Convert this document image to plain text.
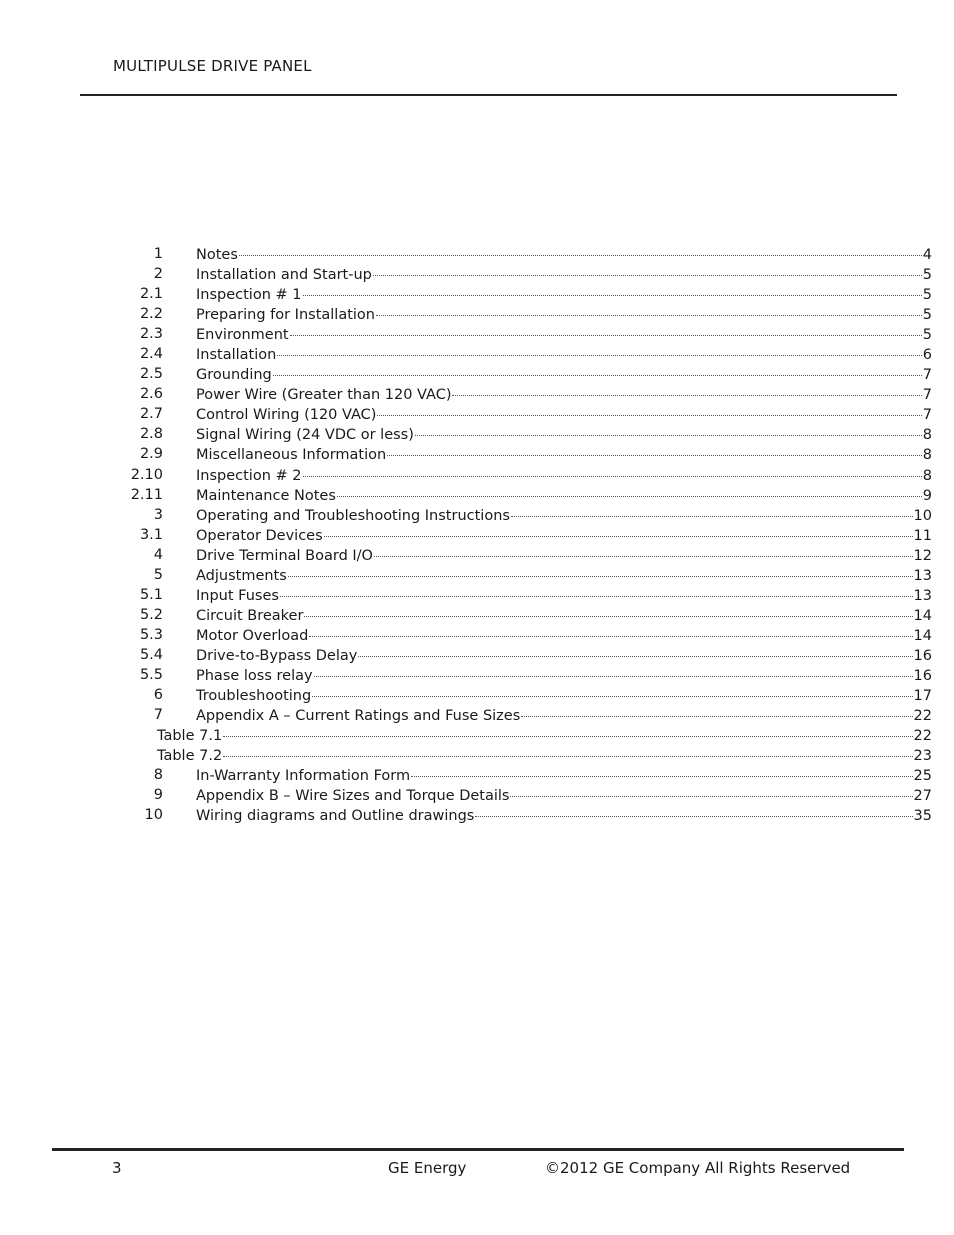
MULTIPULSE DRIVE PANEL
1 Notes	4
2 Installation and Start-up	5
2.1 Inspection # 1	5
2.2 Preparing for Installation	5
2.3 Environment	5
2.4 Installation	6
2.5 Grounding	7
2.6 Power Wire (Greater than 120 VAC)	7
2.7 Control Wiring (120 VAC)	7
2.8 Signal Wiring (24 VDC or less)	8
2.9 Miscellaneous Information	8
2.10 Inspection # 2	8
2.11 Maintenance Notes	9
3 Operating and Troubleshooting Instructions	10
3.1 Operator Devices	11
4 Drive Terminal Board I/O	12
5 Adjustments	13
5.1 Input Fuses	13
5.2 Circuit Breaker	14
5.3 Motor Overload	14
5.4 Drive-to-Bypass Delay	16
5.5 Phase loss relay	16
6 Troubleshooting	17
7 Appendix A – Current Ratings and Fuse Sizes	22
Table 7.1	22
Table 7.2	23
8 In-Warranty Information Form	25
9 Appendix B – Wire Sizes and Torque Details	27
10 Wiring diagrams and Outline drawings	35
3	GE Energy	©2012 GE Company All Rights Reserved
